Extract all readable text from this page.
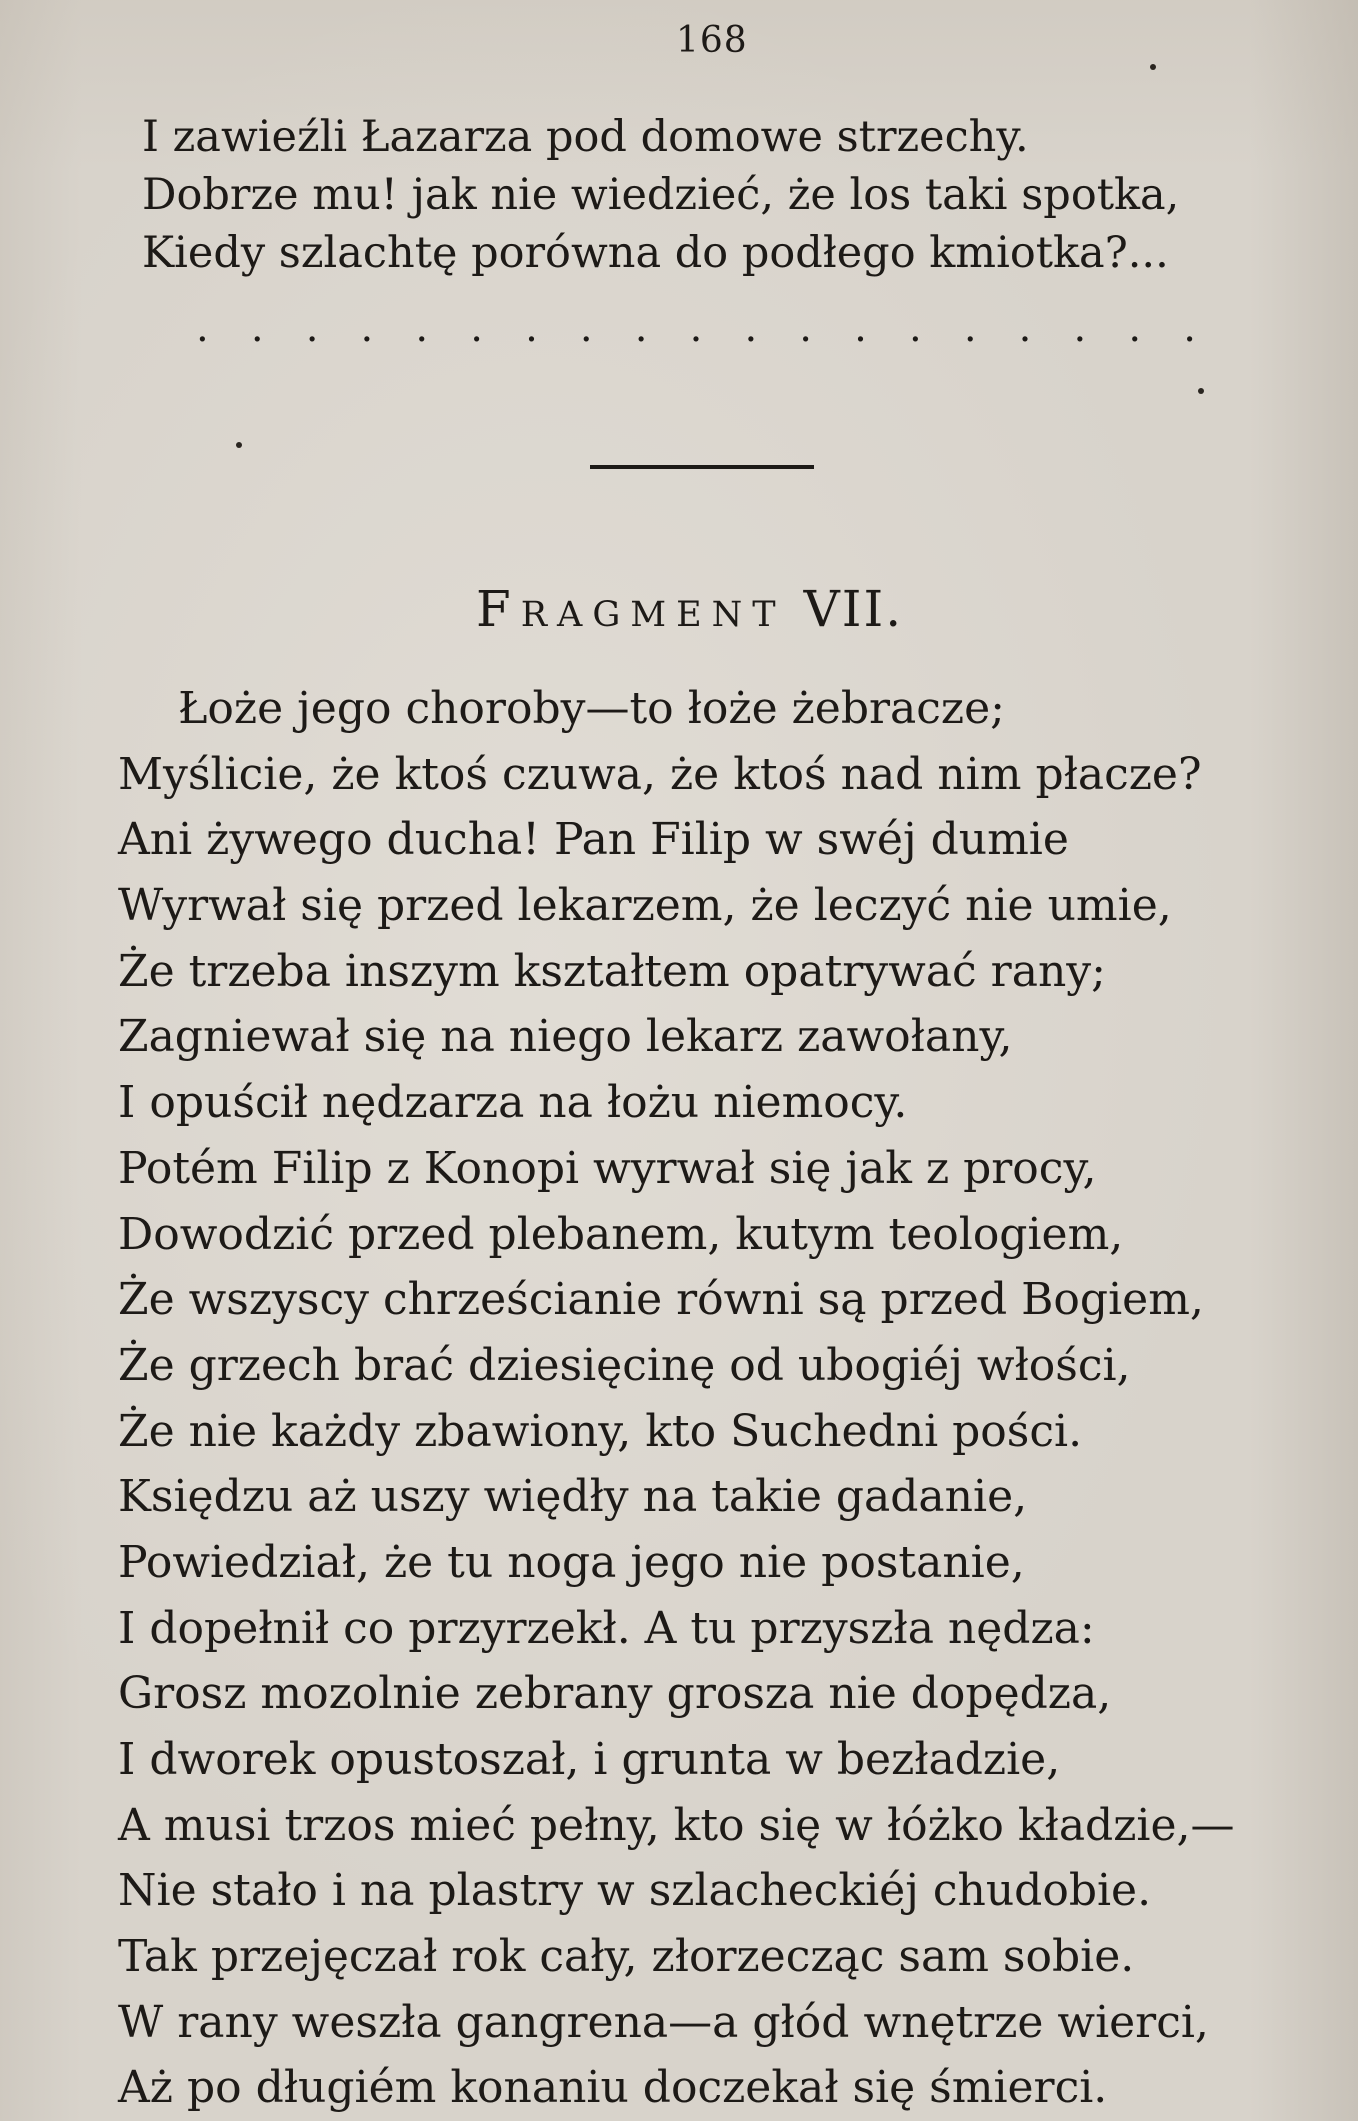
168
I zawieźli Łazarza pod domowe strzechy.
Dobrze mu! jak nie wiedzieć, że los taki spotka,
Kiedy szlachtę porówna do podłego kmiotka?...
. . . . . . . . . . . . . . . . . . .
Fragment VII.
Łoże jego choroby—to łoże żebracze;
Myślicie, że ktoś czuwa, że ktoś nad nim płacze?
Ani żywego ducha! Pan Filip w swéj dumie
Wyrwał się przed lekarzem, że leczyć nie umie,
Że trzeba inszym kształtem opatrywać rany;
Zagniewał się na niego lekarz zawołany,
I opuścił nędzarza na łożu niemocy.
Potém Filip z Konopi wyrwał się jak z procy,
Dowodzić przed plebanem, kutym teologiem,
Że wszyscy chrześcianie równi są przed Bogiem,
Że grzech brać dziesięcinę od ubogiéj włości,
Że nie każdy zbawiony, kto Suchedni pości.
Księdzu aż uszy więdły na takie gadanie,
Powiedział, że tu noga jego nie postanie,
I dopełnił co przyrzekł. A tu przyszła nędza:
Grosz mozolnie zebrany grosza nie dopędza,
I dworek opustoszał, i grunta w bezładzie,
A musi trzos mieć pełny, kto się w łóżko kładzie,—
Nie stało i na plastry w szlacheckiéj chudobie.
Tak przejęczał rok cały, złorzecząc sam sobie.
W rany weszła gangrena—a głód wnętrze wierci,
Aż po długiém konaniu doczekał się śmierci.
